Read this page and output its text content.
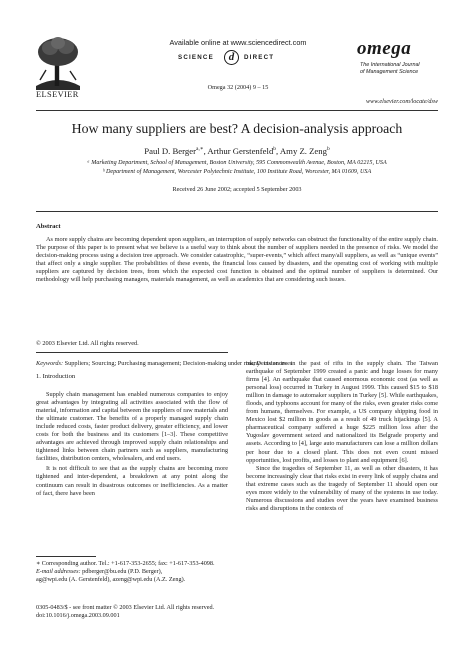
ELSEVIER
Available online at www.sciencedirect.com
SCIENCE	d	DIRECT
Omega 32 (2004) 9 – 15
omega
The International Journal
of Management Science
www.elsevier.com/locate/dsw
How many suppliers are best? A decision-analysis approach
Paul D. Berger$^{a,∗}$, Arthur Gerstenfeld$^b$, Amy Z. Zeng$^b$
ᵃ Marketing Department, School of Management, Boston University, 595 Commonwealth Avenue, Boston, MA 02215, USA
ᵇ Department of Management, Worcester Polytechnic Institute, 100 Institute Road, Worcester, MA 01609, USA
Received 26 June 2002; accepted 5 September 2003
Abstract
As more supply chains are becoming dependent upon suppliers, an interruption of supply networks can obstruct the functionality of the entire supply chain. The purpose of this paper is to present what we believe is a useful way to think about the number of suppliers needed in the presence of risks. We model the decision-making process using a decision tree approach. We consider catastrophic, “super-events,” which affect many/all suppliers, as well as “unique events” that affect only a single supplier. The probabilities of these events, the financial loss caused by disasters, and the operating cost of working with multiple suppliers are captured by decision trees, from which the expected cost function is obtained and the optimal number of suppliers is determined. Our methodology will help purchasing managers, materials management, as well as academics that are considering such issues.
© 2003 Elsevier Ltd. All rights reserved.
Keywords: Suppliers; Sourcing; Purchasing management; Decision-making under risk; Decision trees
1. Introduction

Supply chain management has enabled numerous companies to enjoy great advantages by integrating all activities associated with the flow of material, information and capital between the suppliers of raw materials and the ultimate customer. The benefits of a properly managed supply chain include reduced costs, faster product delivery, greater efficiency, and lower costs for both the business and its customers [1–3]. These competitive advantages are achieved through improved supply chain relationships and tightened links between chain partners such as suppliers, manufacturing facilities, distribution centers, wholesalers, and end users.

It is not difficult to see that as the supply chains are becoming more tightened and inter-dependent, a breakdown at any point along the continuum can result in disastrous outcomes or inefficiencies. As a matter of fact, there have been

many instances in the past of rifts in the supply chain. The Taiwan earthquake of September 1999 created a panic and huge losses for many firms [4]. An earthquake that caused enormous economic cost (as well as personal loss) occurred in Turkey in August 1999. This caused $15 to $18 million in damage to automaker suppliers in Turkey [5]. While earthquakes, floods, and typhoons account for many of the risks, even greater risks come from humans, themselves. For example, a US company shipping food in Mexico lost $2 million in goods as a result of 49 truck hijackings [5]. A pharmaceutical company suffered a huge $225 million loss after the Yugoslav government seized and nationalized its Belgrade property and assets. According to [4], large auto manufacturers can lose a million dollars per hour due to a closed plant. This does not even count missed opportunities, lost profits, and losses to plant and equipment [6].

Since the tragedies of September 11, as well as other disasters, it has become increasingly clear that risks exist in every link of supply chains and that extreme cases such as the tragedy of September 11 should open our eyes more widely to the vulnerability of many of the systems in use today. Numerous discussions and studies over the years have examined business risks and disruptions in the contexts of

∗ Corresponding author. Tel.: +1-617-353-2655; fax: +1-617-353-4098.
E-mail addresses: pdberger@bu.edu (P.D. Berger),
ag@wpi.edu (A. Gerstenfeld), azeng@wpi.edu (A.Z. Zeng).
0305-0483/$ - see front matter © 2003 Elsevier Ltd. All rights reserved.
doi:10.1016/j.omega.2003.09.001
